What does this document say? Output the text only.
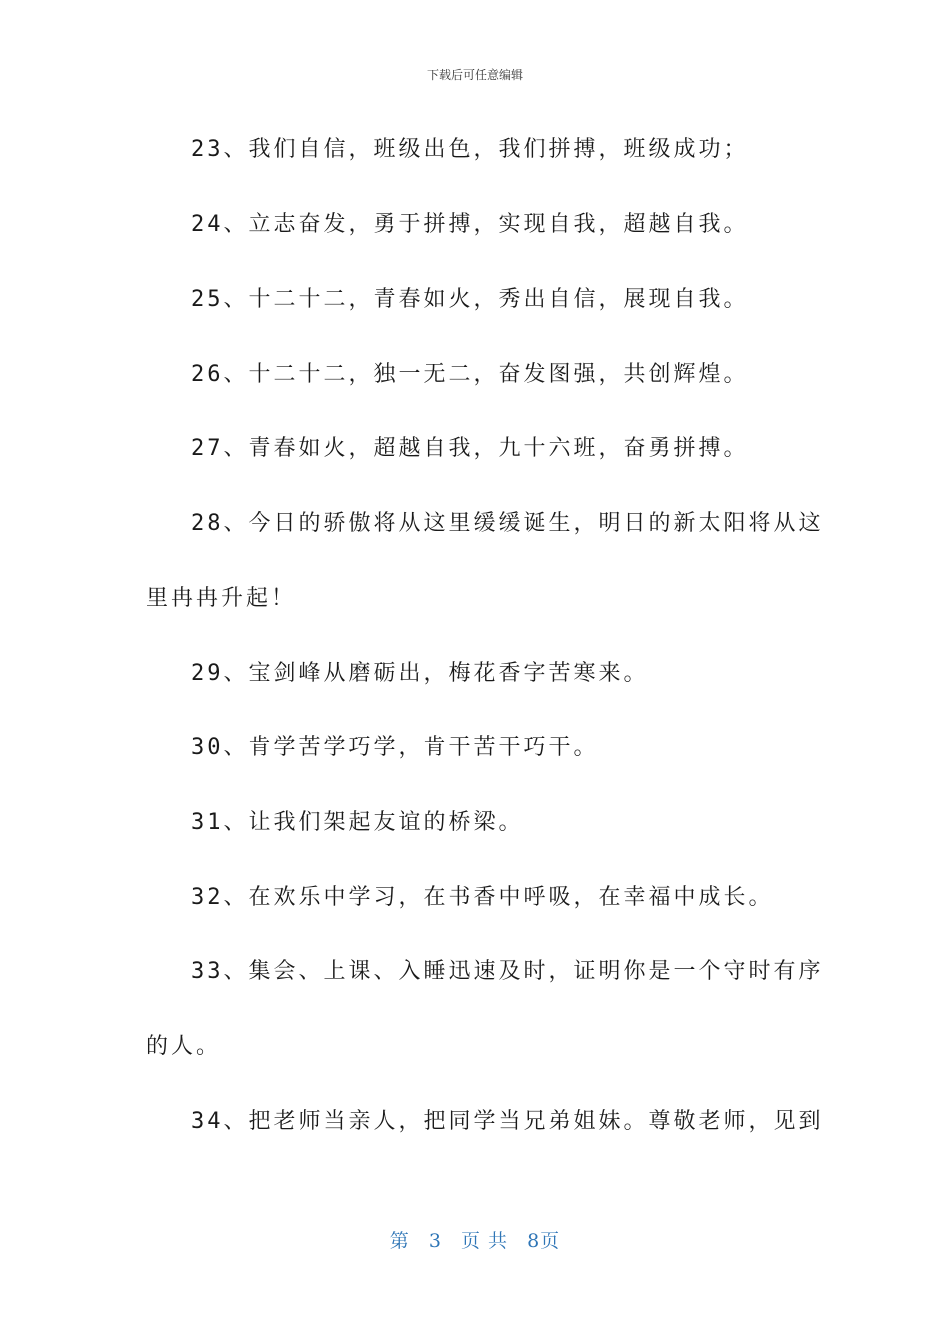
下载后可任意编辑
23、我们自信，班级出色，我们拼搏，班级成功；
24、立志奋发，勇于拼搏，实现自我，超越自我。
25、十二十二，青春如火，秀出自信，展现自我。
26、十二十二，独一无二，奋发图强，共创辉煌。
27、青春如火，超越自我，九十六班，奋勇拼搏。
28、今日的骄傲将从这里缓缓诞生，明日的新太阳将从这
里冉冉升起！
29、宝剑峰从磨砺出，梅花香字苦寒来。
30、肯学苦学巧学，肯干苦干巧干。
31、让我们架起友谊的桥梁。
32、在欢乐中学习，在书香中呼吸，在幸福中成长。
33、集会、上课、入睡迅速及时，证明你是一个守时有序
的人。
34、把老师当亲人，把同学当兄弟姐妹。尊敬老师，见到
第 3 页 共 8页
